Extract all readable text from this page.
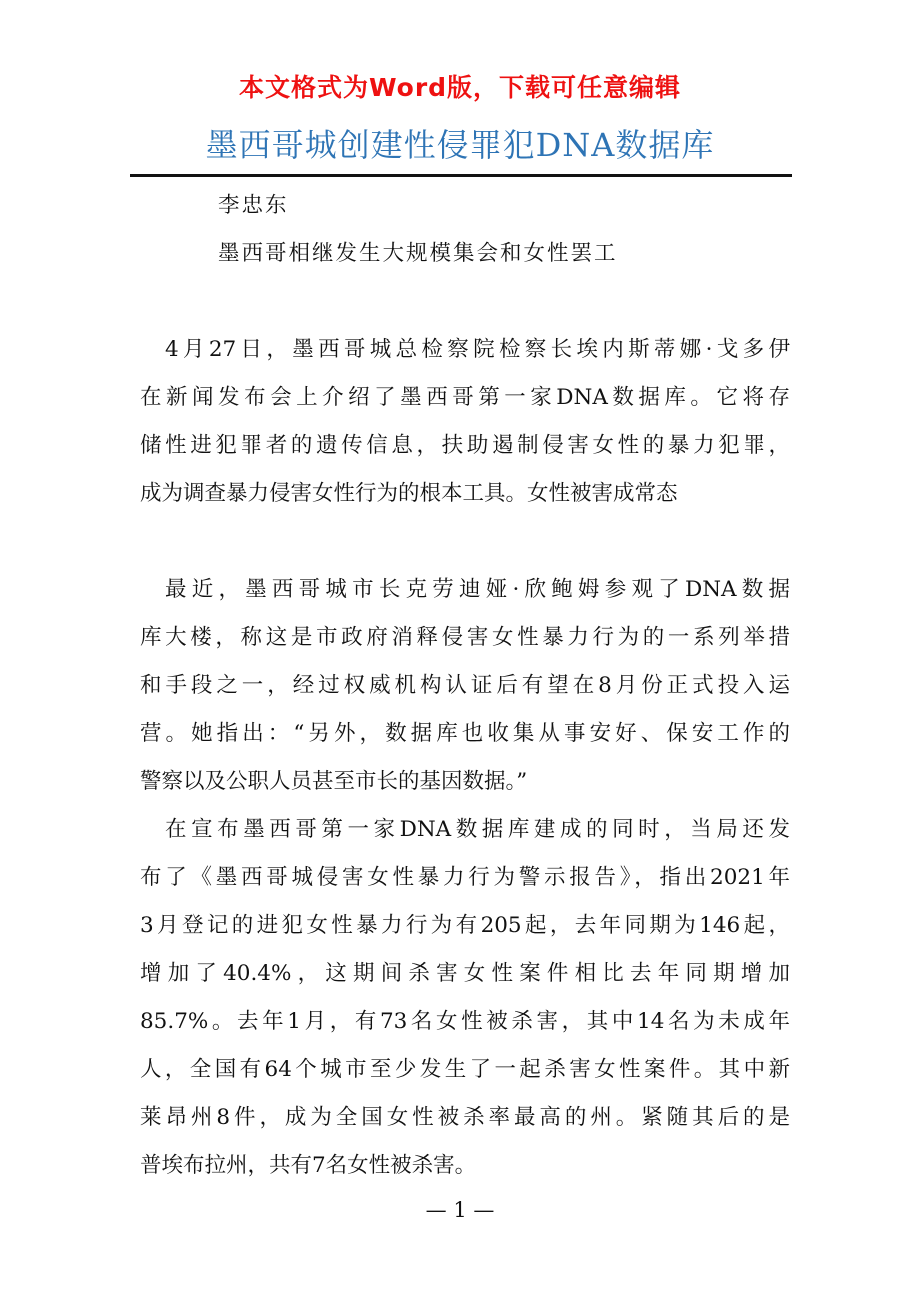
本文格式为Word版，下载可任意编辑
墨西哥城创建性侵罪犯DNA数据库
李忠东
墨西哥相继发生大规模集会和女性罢工
4月27日，墨西哥城总检察院检察长埃内斯蒂娜·戈多伊
在新闻发布会上介绍了墨西哥第一家DNA数据库。它将存
储性进犯罪者的遗传信息，扶助遏制侵害女性的暴力犯罪，
成为调查暴力侵害女性行为的根本工具。女性被害成常态
最近，墨西哥城市长克劳迪娅·欣鲍姆参观了DNA数据
库大楼，称这是市政府消释侵害女性暴力行为的一系列举措
和手段之一，经过权威机构认证后有望在8月份正式投入运
营。她指出：“另外，数据库也收集从事安好、保安工作的
警察以及公职人员甚至市长的基因数据。”
在宣布墨西哥第一家DNA数据库建成的同时，当局还发
布了《墨西哥城侵害女性暴力行为警示报告》，指出2021年
3月登记的进犯女性暴力行为有205起，去年同期为146起，
增加了40.4%，这期间杀害女性案件相比去年同期增加
85.7%。去年1月，有73名女性被杀害，其中14名为未成年
人，全国有64个城市至少发生了一起杀害女性案件。其中新
莱昂州8件，成为全国女性被杀率最高的州。紧随其后的是
普埃布拉州，共有7名女性被杀害。
— 1 —
